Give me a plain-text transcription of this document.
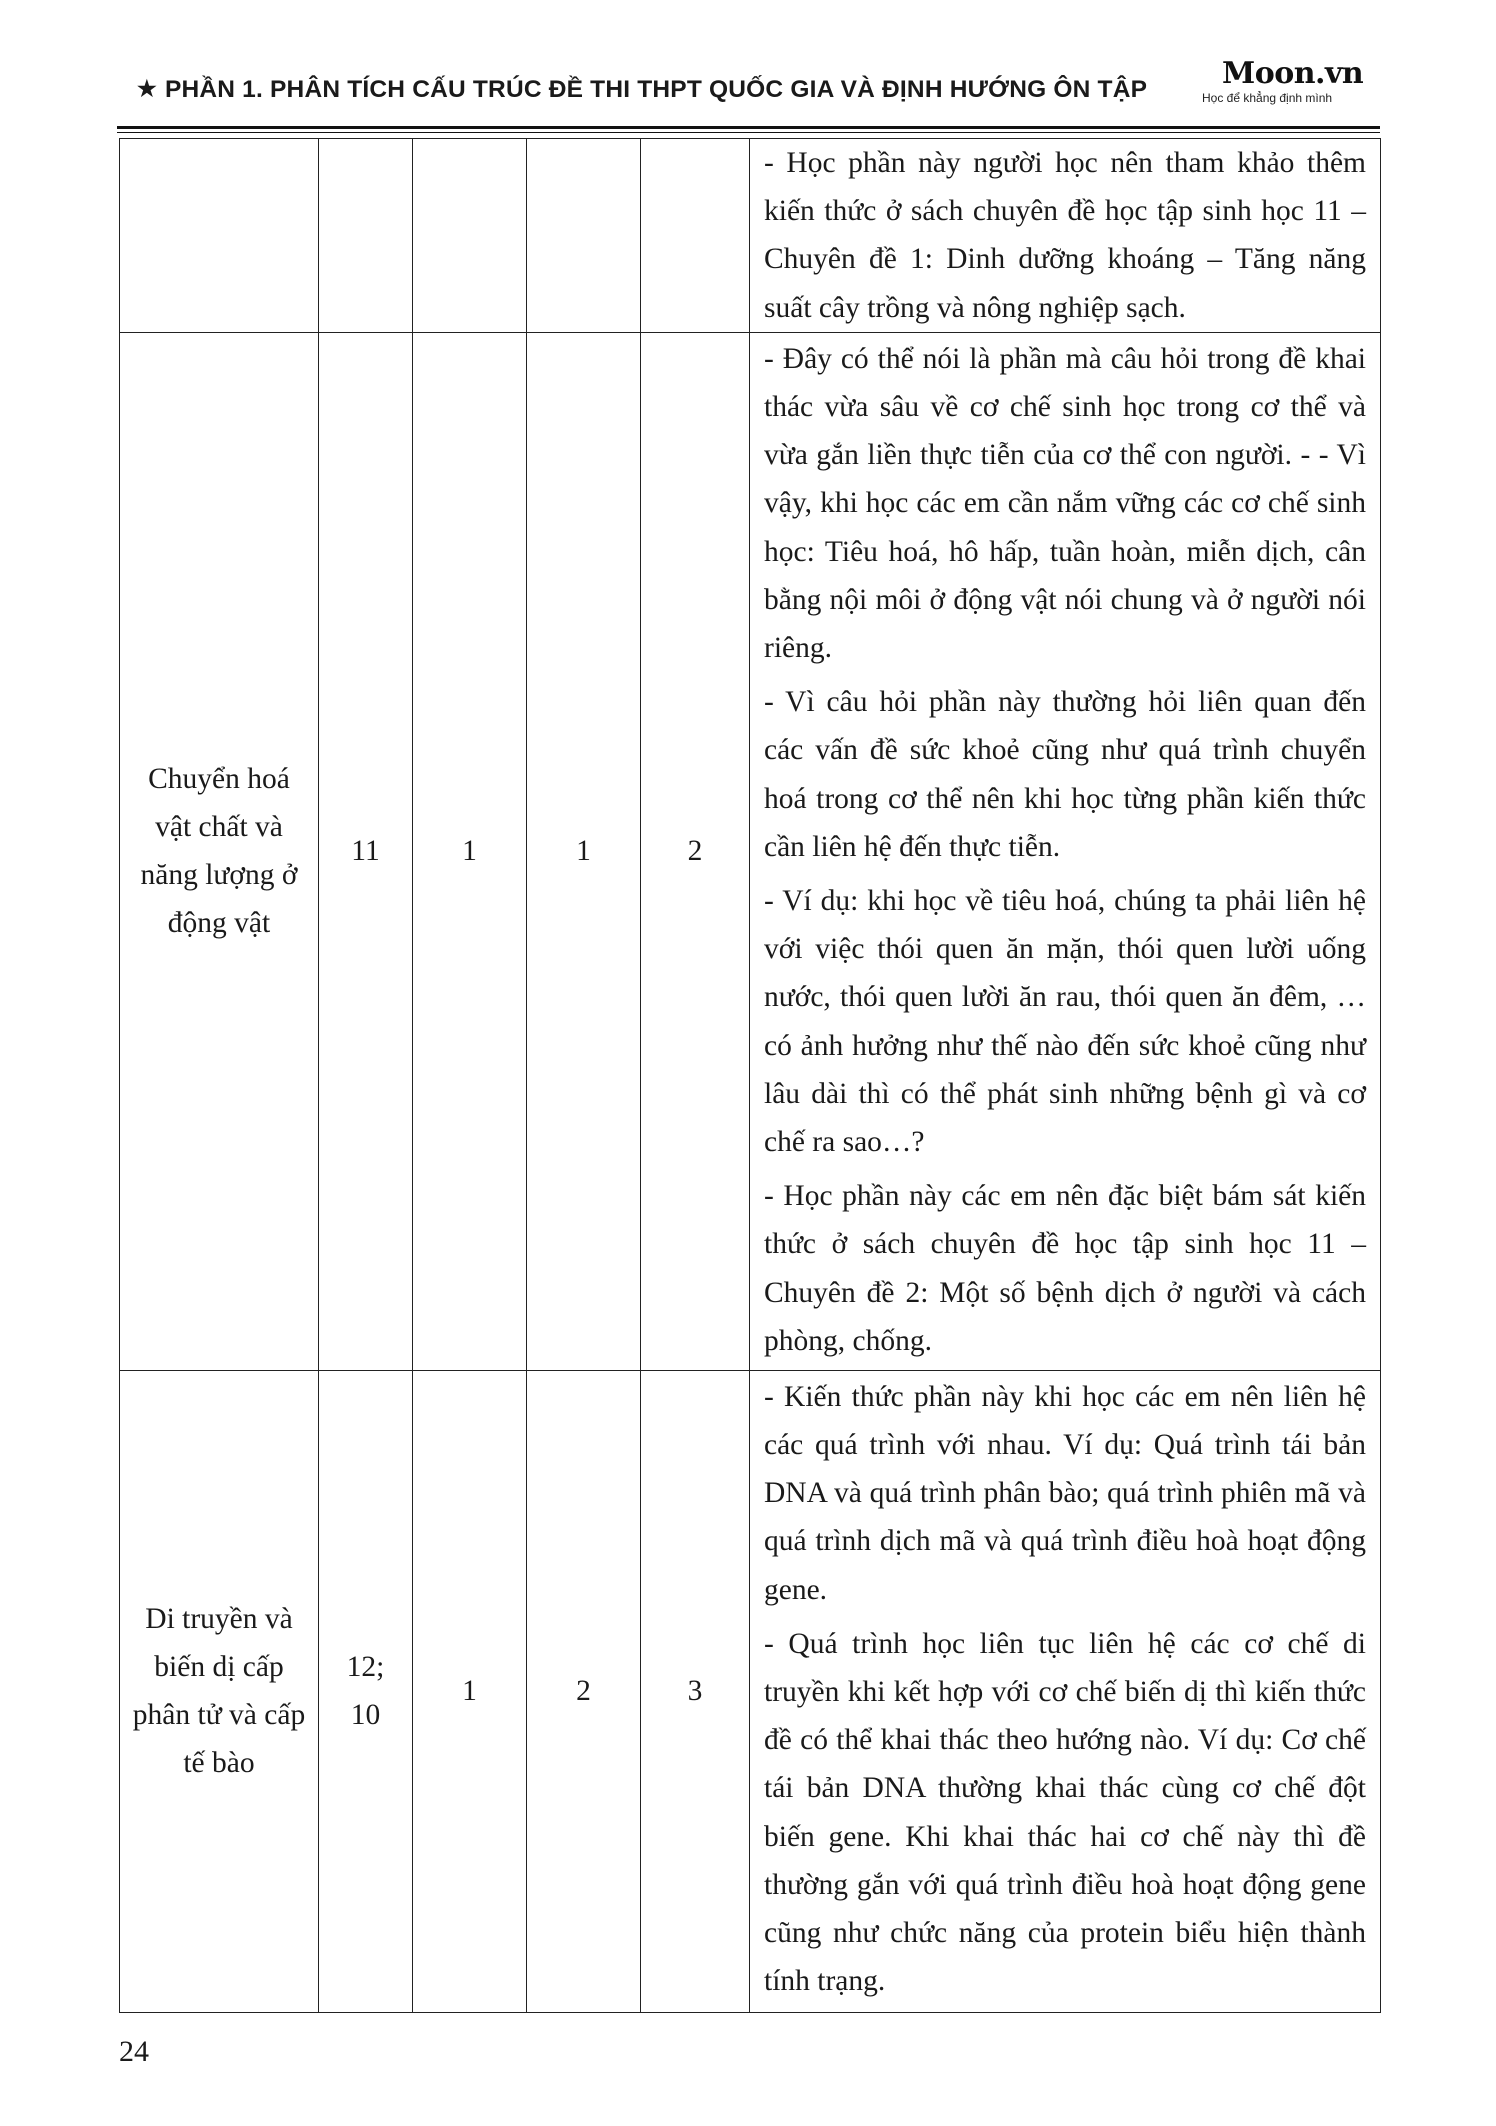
★ PHẦN 1. PHÂN TÍCH CẤU TRÚC ĐỀ THI THPT QUỐC GIA VÀ ĐỊNH HƯỚNG ÔN TẬP	Moon.vn
Học để khẳng định mình

					- Học phần này người học nên tham khảo thêm kiến thức ở sách chuyên đề học tập sinh học 11 – Chuyên đề 1: Dinh dưỡng khoáng – Tăng năng suất cây trồng và nông nghiệp sạch.

Chuyển hoá vật chất và năng lượng ở động vật	11	1	1	2	- Đây có thể nói là phần mà câu hỏi trong đề khai thác vừa sâu về cơ chế sinh học trong cơ thể và vừa gắn liền thực tiễn của cơ thể con người. - - Vì vậy, khi học các em cần nắm vững các cơ chế sinh học: Tiêu hoá, hô hấp, tuần hoàn, miễn dịch, cân bằng nội môi ở động vật nói chung và ở người nói riêng.

- Vì câu hỏi phần này thường hỏi liên quan đến các vấn đề sức khoẻ cũng như quá trình chuyển hoá trong cơ thể nên khi học từng phần kiến thức cần liên hệ đến thực tiễn.

- Ví dụ: khi học về tiêu hoá, chúng ta phải liên hệ với việc thói quen ăn mặn, thói quen lười uống nước, thói quen lười ăn rau, thói quen ăn đêm, … có ảnh hưởng như thế nào đến sức khoẻ cũng như lâu dài thì có thể phát sinh những bệnh gì và cơ chế ra sao…?

- Học phần này các em nên đặc biệt bám sát kiến thức ở sách chuyên đề học tập sinh học 11 – Chuyên đề 2: Một số bệnh dịch ở người và cách phòng, chống.

Di truyền và biến dị cấp phân tử và cấp tế bào	12; 10	1	2	3	- Kiến thức phần này khi học các em nên liên hệ các quá trình với nhau. Ví dụ: Quá trình tái bản DNA và quá trình phân bào; quá trình phiên mã và quá trình dịch mã và quá trình điều hoà hoạt động gene.

- Quá trình học liên tục liên hệ các cơ chế di truyền khi kết hợp với cơ chế biến dị thì kiến thức đề có thể khai thác theo hướng nào. Ví dụ: Cơ chế tái bản DNA thường khai thác cùng cơ chế đột biến gene. Khi khai thác hai cơ chế này thì đề thường gắn với quá trình điều hoà hoạt động gene cũng như chức năng của protein biểu hiện thành tính trạng.

24
